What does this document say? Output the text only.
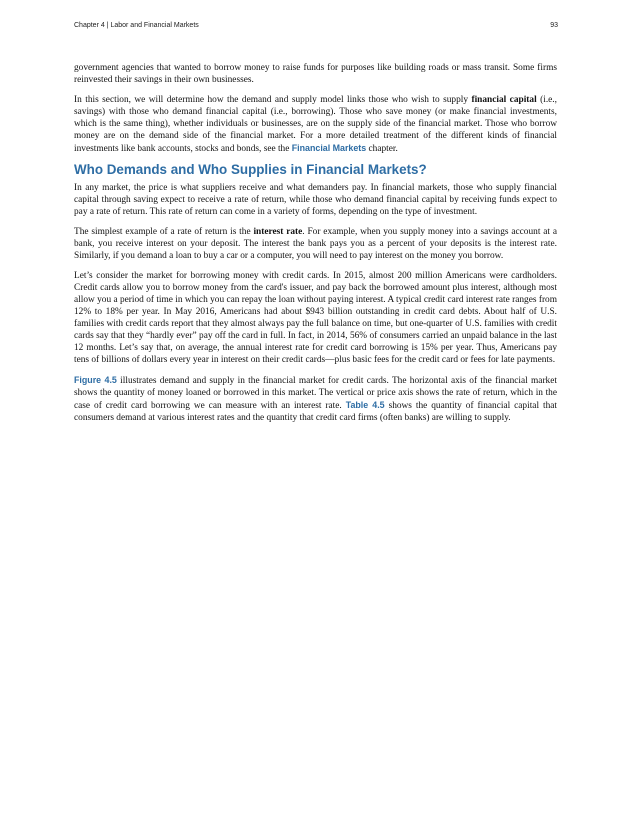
Chapter 4 | Labor and Financial Markets	93

government agencies that wanted to borrow money to raise funds for purposes like building roads or mass transit. Some firms reinvested their savings in their own businesses.

In this section, we will determine how the demand and supply model links those who wish to supply financial capital (i.e., savings) with those who demand financial capital (i.e., borrowing). Those who save money (or make financial investments, which is the same thing), whether individuals or businesses, are on the supply side of the financial market. Those who borrow money are on the demand side of the financial market. For a more detailed treatment of the different kinds of financial investments like bank accounts, stocks and bonds, see the Financial Markets chapter.

Who Demands and Who Supplies in Financial Markets?

In any market, the price is what suppliers receive and what demanders pay. In financial markets, those who supply financial capital through saving expect to receive a rate of return, while those who demand financial capital by receiving funds expect to pay a rate of return. This rate of return can come in a variety of forms, depending on the type of investment.

The simplest example of a rate of return is the interest rate. For example, when you supply money into a savings account at a bank, you receive interest on your deposit. The interest the bank pays you as a percent of your deposits is the interest rate. Similarly, if you demand a loan to buy a car or a computer, you will need to pay interest on the money you borrow.

Let’s consider the market for borrowing money with credit cards. In 2015, almost 200 million Americans were cardholders. Credit cards allow you to borrow money from the card's issuer, and pay back the borrowed amount plus interest, although most allow you a period of time in which you can repay the loan without paying interest. A typical credit card interest rate ranges from 12% to 18% per year. In May 2016, Americans had about $943 billion outstanding in credit card debts. About half of U.S. families with credit cards report that they almost always pay the full balance on time, but one-quarter of U.S. families with credit cards say that they “hardly ever” pay off the card in full. In fact, in 2014, 56% of consumers carried an unpaid balance in the last 12 months. Let’s say that, on average, the annual interest rate for credit card borrowing is 15% per year. Thus, Americans pay tens of billions of dollars every year in interest on their credit cards—plus basic fees for the credit card or fees for late payments.

Figure 4.5 illustrates demand and supply in the financial market for credit cards. The horizontal axis of the financial market shows the quantity of money loaned or borrowed in this market. The vertical or price axis shows the rate of return, which in the case of credit card borrowing we can measure with an interest rate. Table 4.5 shows the quantity of financial capital that consumers demand at various interest rates and the quantity that credit card firms (often banks) are willing to supply.
